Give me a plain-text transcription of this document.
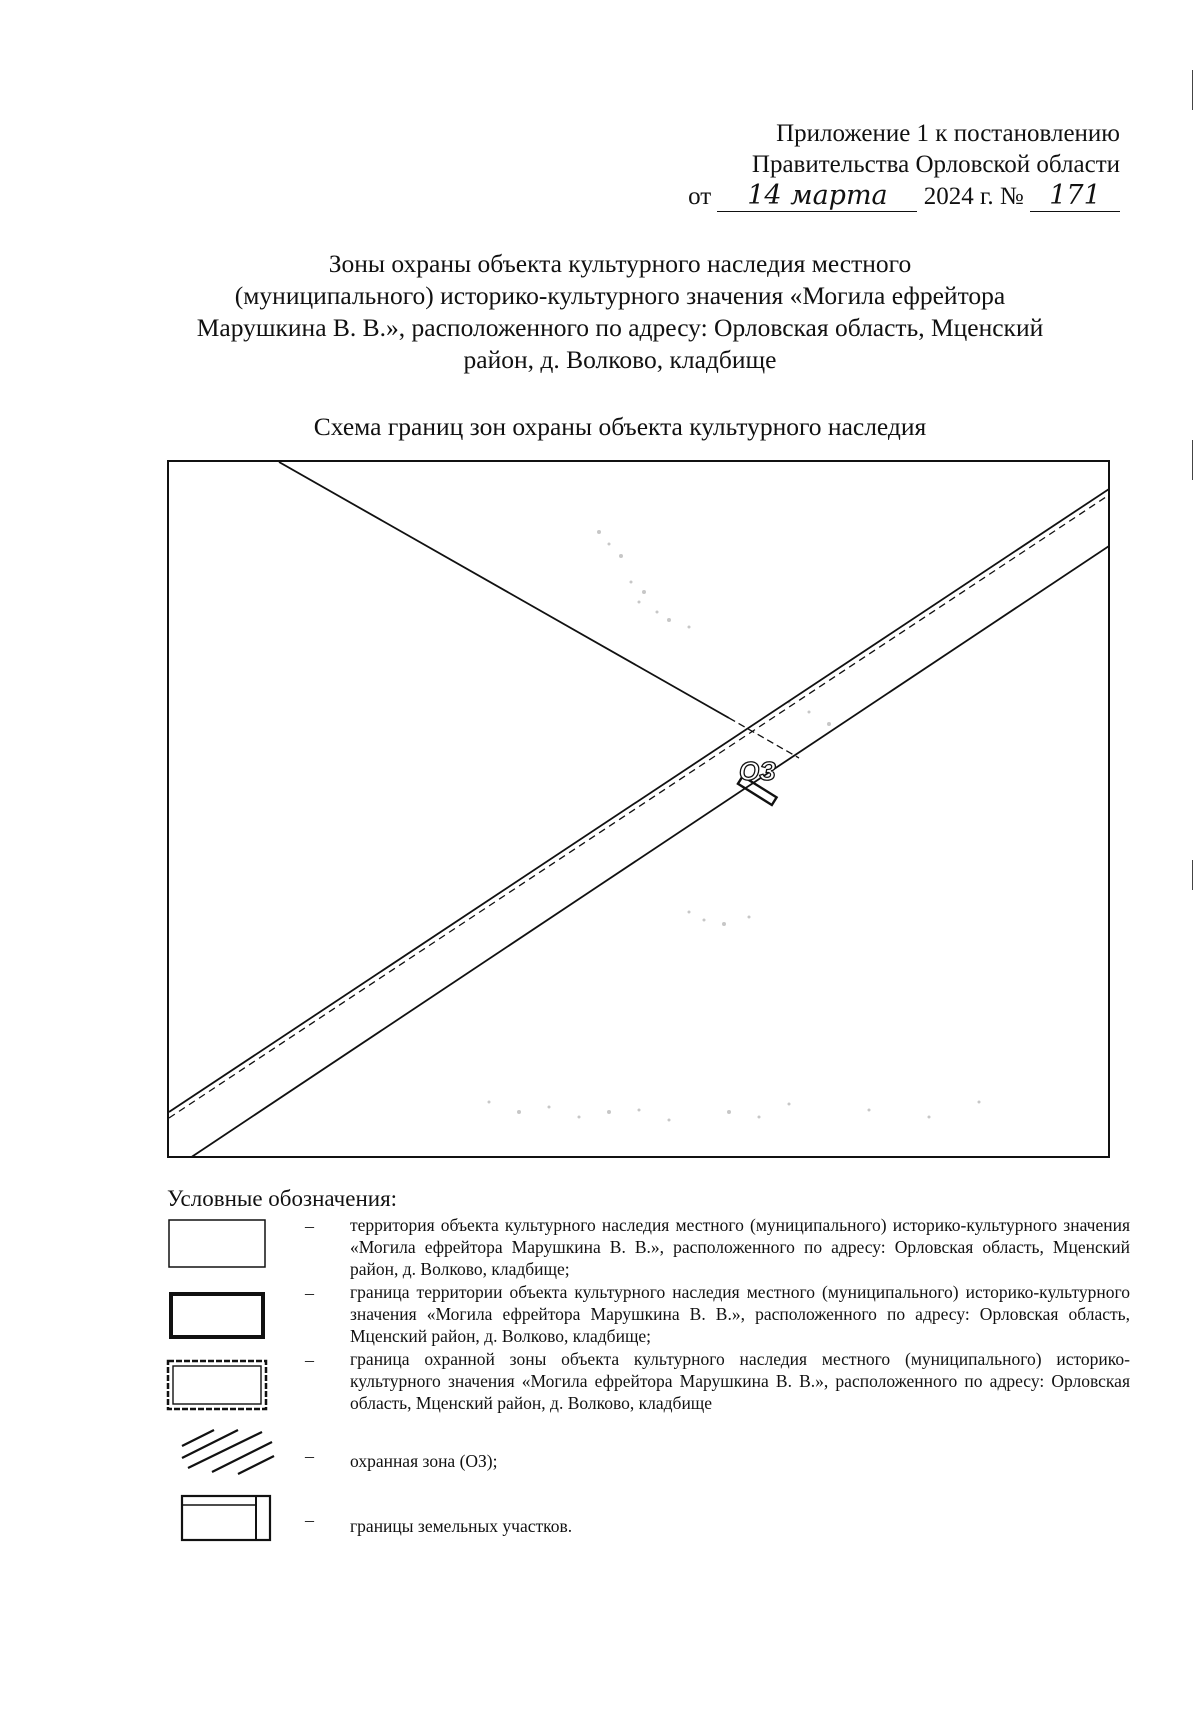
Приложение 1 к постановлению
Правительства Орловской области
от 14 марта 2024 г. № 171
Зоны охраны объекта культурного наследия местного
(муниципального) историко-культурного значения «Могила ефрейтора
Марушкина В. В.», расположенного по адресу: Орловская область, Мценский
район, д. Волково, кладбище
Схема границ зон охраны объекта культурного наследия
ОЗ
Условные обозначения:
– территория объекта культурного наследия местного (муниципального) историко-культурного значения «Могила ефрейтора Марушкина В. В.», расположенного по адресу: Орловская область, Мценский район, д. Волково, кладбище;
– граница территории объекта культурного наследия местного (муниципального) историко-культурного значения «Могила ефрейтора Марушкина В. В.», расположенного по адресу: Орловская область, Мценский район, д. Волково, кладбище;
– граница охранной зоны объекта культурного наследия местного (муниципального) историко-культурного значения «Могила ефрейтора Марушкина В. В.», расположенного по адресу: Орловская область, Мценский район, д. Волково, кладбище
– охранная зона (ОЗ);
– границы земельных участков.
